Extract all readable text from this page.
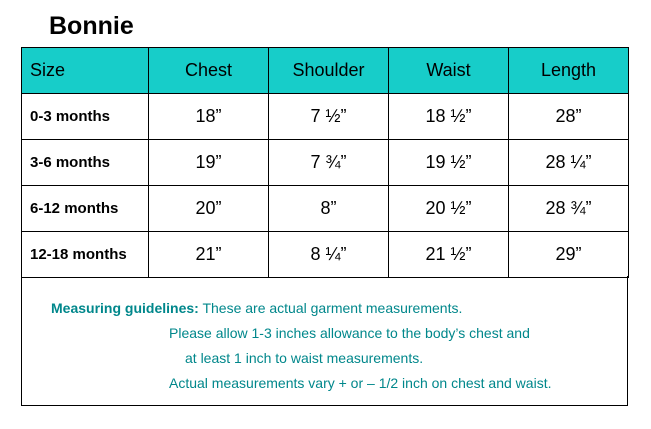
Bonnie
Size	Chest	Shoulder	Waist	Length
0-3 months	18”	7 ½”	18 ½”	28”
3-6 months	19”	7 ¾”	19 ½”	28 ¼”
6-12 months	20”	8”	20 ½”	28 ¾”
12-18 months	21”	8 ¼”	21 ½”	29”
Measuring guidelines: These are actual garment measurements.
Please allow 1-3 inches allowance to the body’s chest and
at least 1 inch to waist measurements.
Actual measurements vary + or – 1/2 inch on chest and waist.
